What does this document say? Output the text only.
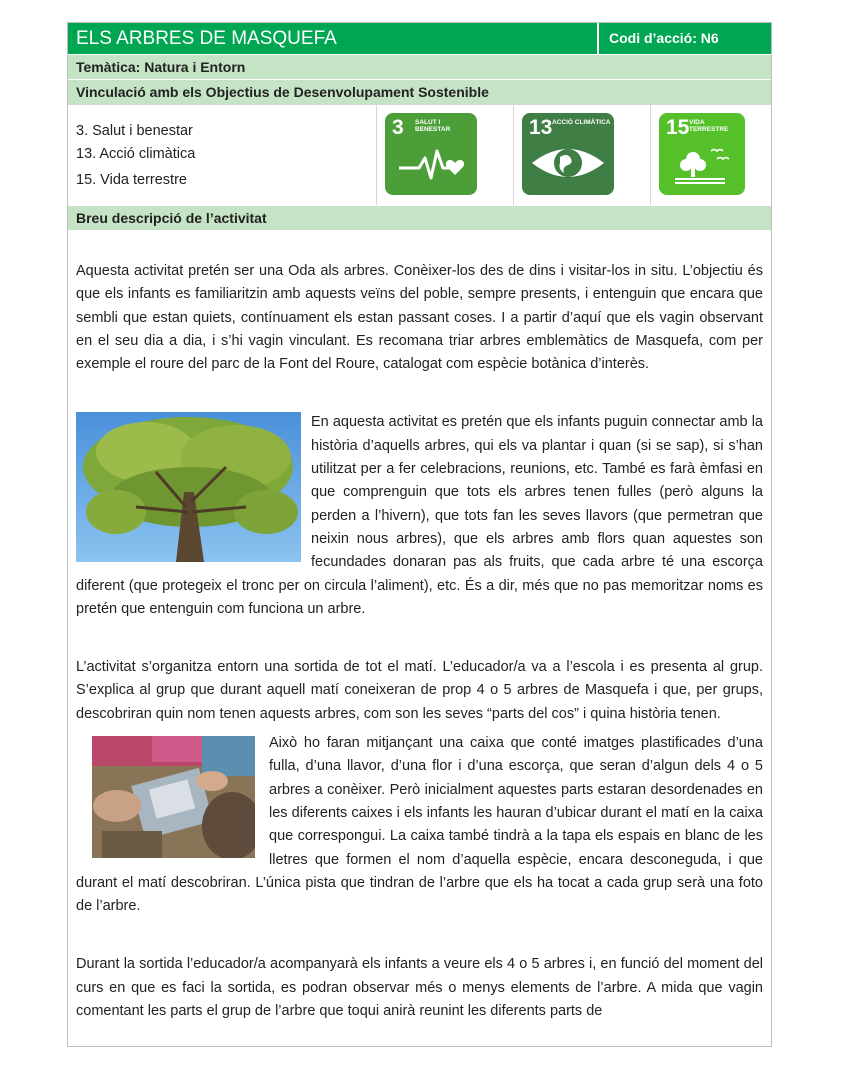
ELS ARBRES DE MASQUEFA	Codi d’acció: N6
Temàtica: Natura i Entorn
Vinculació amb els Objectius de Desenvolupament Sostenible
3. Salut i benestar
13. Acció climàtica
15. Vida terrestre
3 SALUT I BENESTAR	13 ACCIÓ CLIMÀTICA	15 VIDA TERRESTRE
Breu descripció de l’activitat

Aquesta activitat pretén ser una Oda als arbres. Conèixer-los des de dins i visitar-los in situ. L’objectiu és que els infants es familiaritzin amb aquests veïns del poble, sempre presents, i entenguin que encara que sembli que estan quiets, contínuament els estan passant coses. I a partir d’aquí que els vagin observant en el seu dia a dia, i s’hi vagin vinculant. Es recomana triar arbres emblemàtics de Masquefa, com per exemple el roure del parc de la Font del Roure, catalogat com espècie botànica d’interès.

En aquesta activitat es pretén que els infants puguin connectar amb la història d’aquells arbres, qui els va plantar i quan (si se sap), si s’han utilitzat per a fer celebracions, reunions, etc. També es farà èmfasi en que comprenguin que tots els arbres tenen fulles (però alguns la perden a l’hivern), que tots fan les seves llavors (que permetran que neixin nous arbres), que els arbres amb flors quan aquestes son fecundades donaran pas als fruits, que cada arbre té una escorça diferent (que protegeix el tronc per on circula l’aliment), etc. És a dir, més que no pas memoritzar noms es pretén que entenguin com funciona un arbre.

L’activitat s’organitza entorn una sortida de tot el matí. L’educador/a va a l’escola i es presenta al grup. S’explica al grup que durant aquell matí coneixeran de prop 4 o 5 arbres de Masquefa i que, per grups, descobriran quin nom tenen aquests arbres, com son les seves “parts del cos” i quina història tenen.

Això ho faran mitjançant una caixa que conté imatges plastificades d’una fulla, d’una llavor, d’una flor i d’una escorça, que seran d’algun dels 4 o 5 arbres a conèixer. Però inicialment aquestes parts estaran desordenades en les diferents caixes i els infants les hauran d’ubicar durant el matí en la caixa que correspongui. La caixa també tindrà a la tapa els espais en blanc de les lletres que formen el nom d’aquella espècie, encara desconeguda, i que durant el matí descobriran. L’única pista que tindran de l’arbre que els ha tocat a cada grup serà una foto de l’arbre.

Durant la sortida l’educador/a acompanyarà els infants a veure els 4 o 5 arbres i, en funció del moment del curs en que es faci la sortida, es podran observar més o menys elements de l’arbre. A mida que vagin comentant les parts el grup de l’arbre que toqui anirà reunint les diferents parts de
